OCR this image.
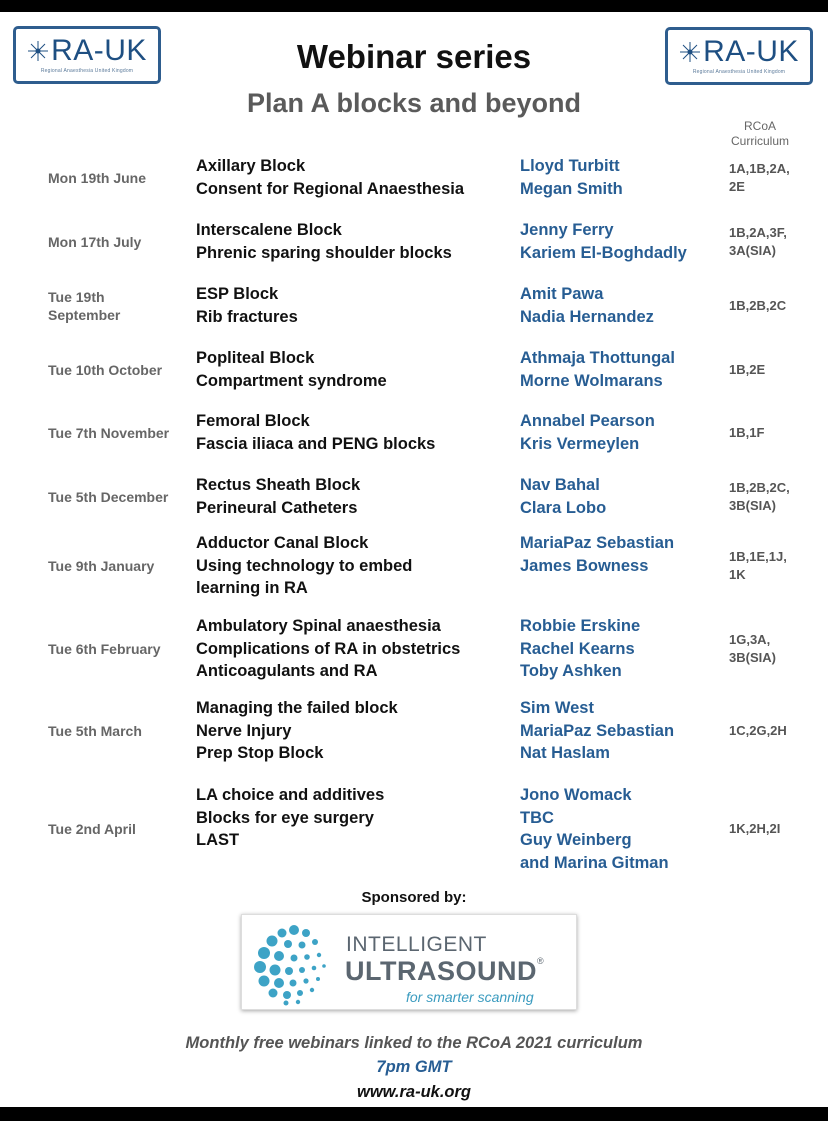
RA-UK
Regional Anaesthesia United Kingdom
RA-UK
Regional Anaesthesia United Kingdom
Webinar series
Plan A blocks and beyond
RCoA
Curriculum
Mon 19th June
Axillary Block
Consent for Regional Anaesthesia
Lloyd Turbitt
Megan Smith
1A,1B,2A,
2E
Mon 17th July
Interscalene Block
Phrenic sparing shoulder blocks
Jenny Ferry
Kariem El-Boghdadly
1B,2A,3F,
3A(SIA)
Tue 19th
September
ESP Block
Rib fractures
Amit Pawa
Nadia Hernandez
1B,2B,2C
Tue 10th October
Popliteal Block
Compartment syndrome
Athmaja Thottungal
Morne Wolmarans
1B,2E
Tue 7th November
Femoral Block
Fascia iliaca and PENG blocks
Annabel Pearson
Kris Vermeylen
1B,1F
Tue 5th December
Rectus Sheath Block
Perineural Catheters
Nav Bahal
Clara Lobo
1B,2B,2C,
3B(SIA)
Tue 9th January
Adductor Canal Block
Using technology to embed
learning in RA
MariaPaz Sebastian
James Bowness
1B,1E,1J,
1K
Tue 6th February
Ambulatory Spinal anaesthesia
Complications of RA in obstetrics
Anticoagulants and RA
Robbie Erskine
Rachel Kearns
Toby Ashken
1G,3A,
3B(SIA)
Tue 5th March
Managing the failed block
Nerve Injury
Prep Stop Block
Sim West
MariaPaz Sebastian
Nat Haslam
1C,2G,2H
Tue 2nd April
LA choice and additives
Blocks for eye surgery
LAST
Jono Womack
TBC
Guy Weinberg
and Marina Gitman
1K,2H,2I
Sponsored by:
INTELLIGENT
ULTRASOUND®
for smarter scanning
Monthly free webinars linked to the RCoA 2021 curriculum
7pm GMT
www.ra-uk.org
